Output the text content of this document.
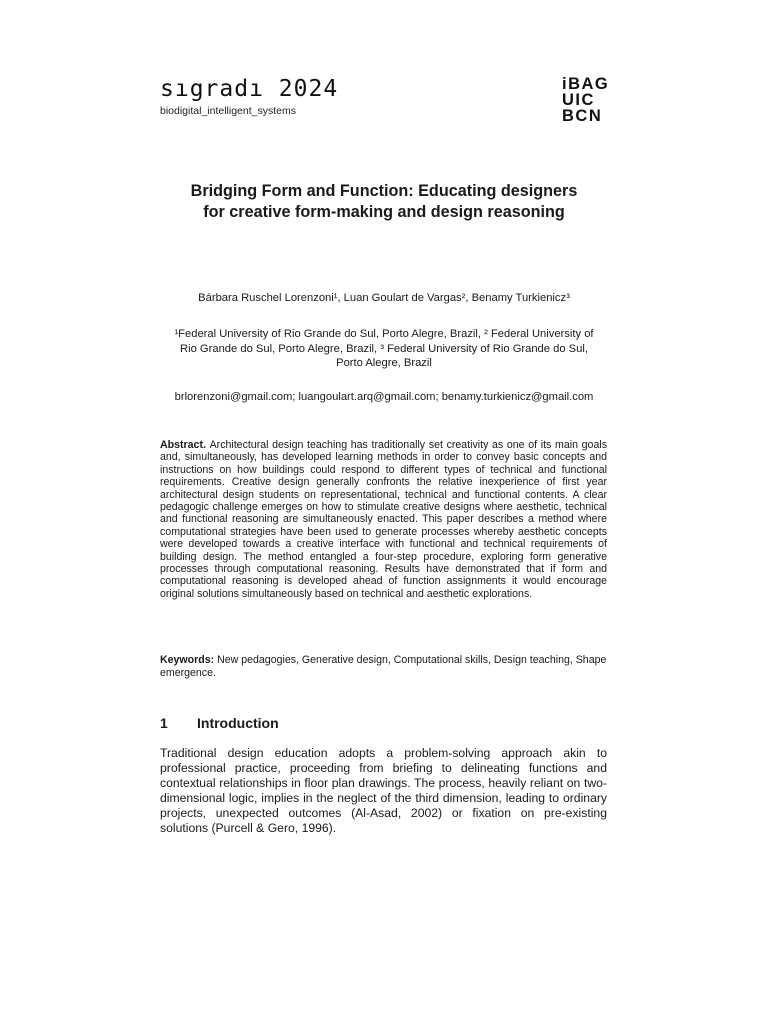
sıgradı 2024
biodigital_intelligent_systems
iBAG
UIC
BCN
Bridging Form and Function: Educating designers
for creative form-making and design reasoning
Bárbara Ruschel Lorenzoni¹, Luan Goulart de Vargas², Benamy Turkienicz³
¹Federal University of Rio Grande do Sul, Porto Alegre, Brazil, ² Federal University of
Rio Grande do Sul, Porto Alegre, Brazil, ³ Federal University of Rio Grande do Sul,
Porto Alegre, Brazil
brlorenzoni@gmail.com; luangoulart.arq@gmail.com; benamy.turkienicz@gmail.com
Abstract. Architectural design teaching has traditionally set creativity as one of its main goals and, simultaneously, has developed learning methods in order to convey basic concepts and instructions on how buildings could respond to different types of technical and functional requirements. Creative design generally confronts the relative inexperience of first year architectural design students on representational, technical and functional contents. A clear pedagogic challenge emerges on how to stimulate creative designs where aesthetic, technical and functional reasoning are simultaneously enacted. This paper describes a method where computational strategies have been used to generate processes whereby aesthetic concepts were developed towards a creative interface with functional and technical requirements of building design. The method entangled a four-step procedure, exploring form generative processes through computational reasoning. Results have demonstrated that if form and computational reasoning is developed ahead of function assignments it would encourage original solutions simultaneously based on technical and aesthetic explorations.
Keywords: New pedagogies, Generative design, Computational skills, Design teaching, Shape emergence.
1 Introduction
Traditional design education adopts a problem-solving approach akin to professional practice, proceeding from briefing to delineating functions and contextual relationships in floor plan drawings. The process, heavily reliant on two-dimensional logic, implies in the neglect of the third dimension, leading to ordinary projects, unexpected outcomes (Al-Asad, 2002) or fixation on pre-existing solutions (Purcell & Gero, 1996).
